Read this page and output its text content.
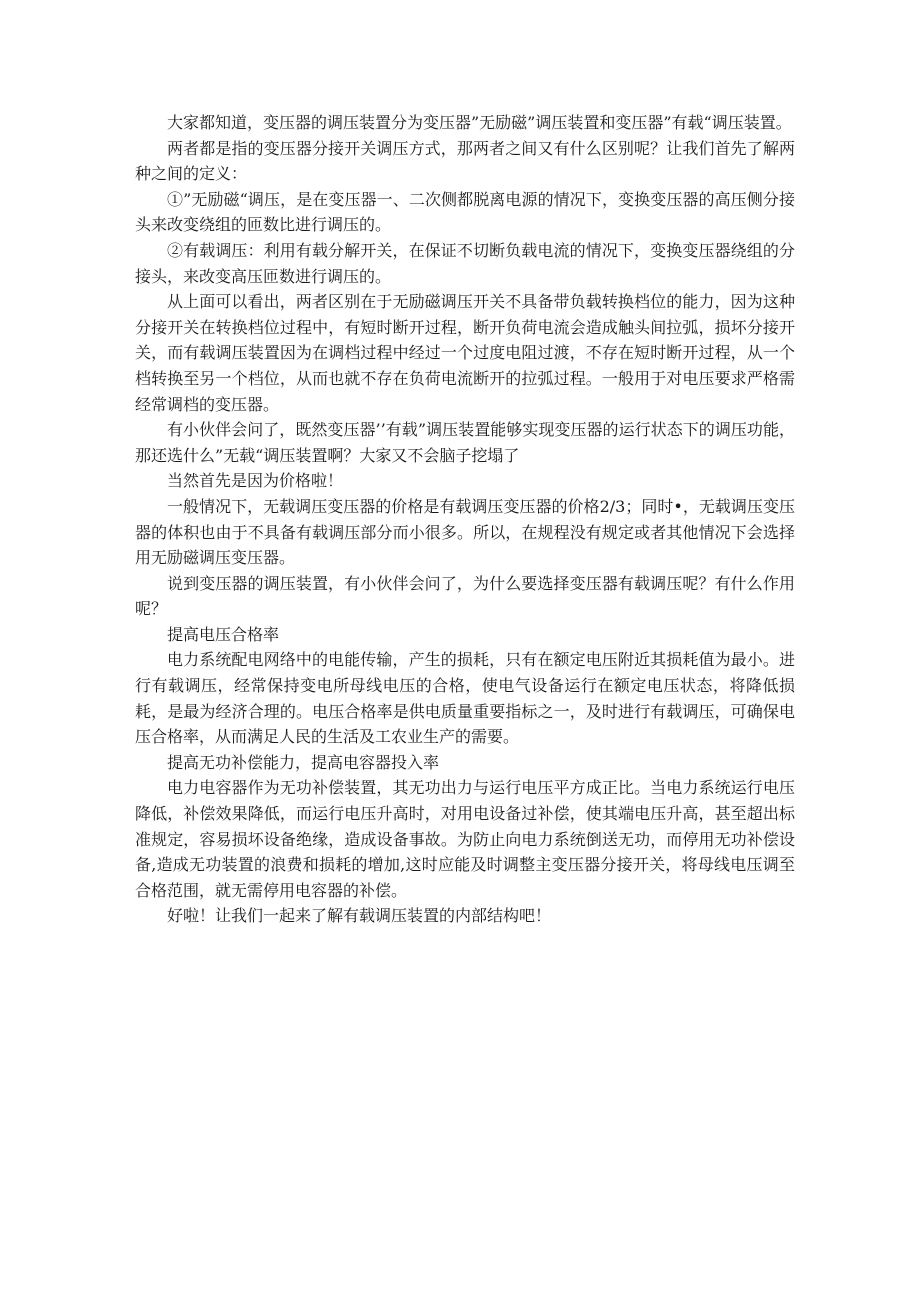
大家都知道，变压器的调压装置分为变压器”无励磁”调压装置和变压器”有载“调压装置。

两者都是指的变压器分接开关调压方式，那两者之间又有什么区别呢？让我们首先了解两种之间的定义：

①”无励磁“调压，是在变压器一、二次侧都脱离电源的情况下，变换变压器的高压侧分接头来改变绕组的匝数比进行调压的。

②有载调压：利用有载分解开关，在保证不切断负载电流的情况下，变换变压器绕组的分接头，来改变高压匝数进行调压的。

从上面可以看出，两者区别在于无励磁调压开关不具备带负载转换档位的能力，因为这种分接开关在转换档位过程中，有短时断开过程，断开负荷电流会造成触头间拉弧，损坏分接开关，而有载调压装置因为在调档过程中经过一个过度电阻过渡，不存在短时断开过程，从一个档转换至另一个档位，从而也就不存在负荷电流断开的拉弧过程。一般用于对电压要求严格需经常调档的变压器。

有小伙伴会问了，既然变压器’’有载”调压装置能够实现变压器的运行状态下的调压功能，那还选什么”无载“调压装置啊？大家又不会脑子挖塌了

当然首先是因为价格啦！

一般情况下，无载调压变压器的价格是有载调压变压器的价格2/3；同时•，无载调压变压器的体积也由于不具备有载调压部分而小很多。所以，在规程没有规定或者其他情况下会选择用无励磁调压变压器。

说到变压器的调压装置，有小伙伴会问了，为什么要选择变压器有载调压呢？有什么作用呢？

提高电压合格率

电力系统配电网络中的电能传输，产生的损耗，只有在额定电压附近其损耗值为最小。进行有载调压，经常保持变电所母线电压的合格，使电气设备运行在额定电压状态，将降低损耗，是最为经济合理的。电压合格率是供电质量重要指标之一，及时进行有载调压，可确保电压合格率，从而满足人民的生活及工农业生产的需要。

提高无功补偿能力，提高电容器投入率

电力电容器作为无功补偿装置，其无功出力与运行电压平方成正比。当电力系统运行电压降低，补偿效果降低，而运行电压升高时，对用电设备过补偿，使其端电压升高，甚至超出标准规定，容易损坏设备绝缘，造成设备事故。为防止向电力系统倒送无功，而停用无功补偿设备,造成无功装置的浪费和损耗的增加,这时应能及时调整主变压器分接开关，将母线电压调至合格范围，就无需停用电容器的补偿。

好啦！让我们一起来了解有载调压装置的内部结构吧！
